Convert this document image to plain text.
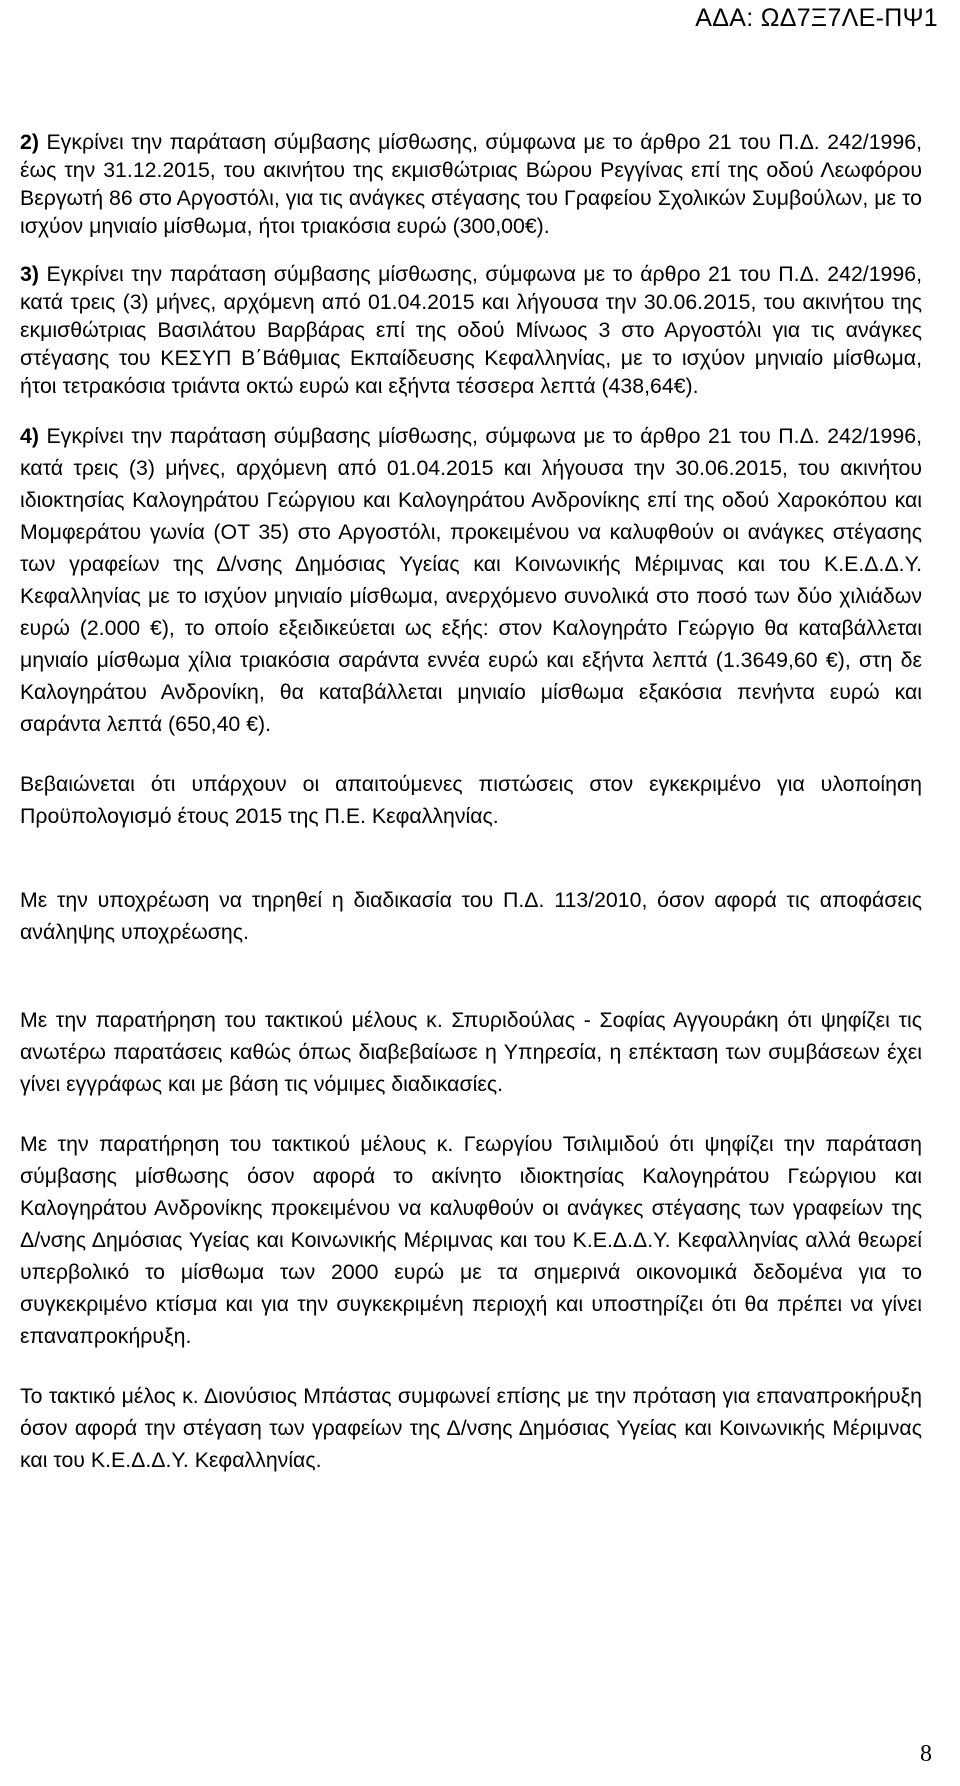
ΑΔΑ: ΩΔ7Ξ7ΛΕ-ΠΨ1

2) Εγκρίνει την παράταση σύμβασης μίσθωσης, σύμφωνα με το άρθρο 21 του Π.Δ. 242/1996, έως την 31.12.2015, του ακινήτου της εκμισθώτριας Βώρου Ρεγγίνας επί της οδού Λεωφόρου Βεργωτή 86 στο Αργοστόλι, για τις ανάγκες στέγασης του Γραφείου Σχολικών Συμβούλων, με το ισχύον μηνιαίο μίσθωμα, ήτοι τριακόσια ευρώ (300,00€).

3) Εγκρίνει την παράταση σύμβασης μίσθωσης, σύμφωνα με το άρθρο 21 του Π.Δ. 242/1996, κατά τρεις (3) μήνες, αρχόμενη από 01.04.2015 και λήγουσα την 30.06.2015, του ακινήτου της εκμισθώτριας Βασιλάτου Βαρβάρας επί της οδού Μίνωος 3 στο Αργοστόλι για τις ανάγκες στέγασης του ΚΕΣΥΠ Β΄Βάθμιας Εκπαίδευσης Κεφαλληνίας, με το ισχύον μηνιαίο μίσθωμα, ήτοι τετρακόσια τριάντα οκτώ ευρώ και εξήντα τέσσερα λεπτά (438,64€).

4) Εγκρίνει την παράταση σύμβασης μίσθωσης, σύμφωνα με το άρθρο 21 του Π.Δ. 242/1996, κατά τρεις (3) μήνες, αρχόμενη από 01.04.2015 και λήγουσα την 30.06.2015, του ακινήτου ιδιοκτησίας Καλογηράτου Γεώργιου και Καλογηράτου Ανδρονίκης επί της οδού Χαροκόπου και Μομφεράτου γωνία (ΟΤ 35) στο Αργοστόλι, προκειμένου να καλυφθούν οι ανάγκες στέγασης των γραφείων της Δ/νσης Δημόσιας Υγείας και Κοινωνικής Μέριμνας και του Κ.Ε.Δ.Δ.Υ. Κεφαλληνίας με το ισχύον μηνιαίο μίσθωμα, ανερχόμενο συνολικά στο ποσό των δύο χιλιάδων ευρώ (2.000 €), το οποίο εξειδικεύεται ως εξής: στον Καλογηράτο Γεώργιο θα καταβάλλεται μηνιαίο μίσθωμα χίλια τριακόσια σαράντα εννέα ευρώ και εξήντα λεπτά (1.3649,60 €), στη δε Καλογηράτου Ανδρονίκη, θα καταβάλλεται μηνιαίο μίσθωμα εξακόσια πενήντα ευρώ και σαράντα λεπτά (650,40 €).

Βεβαιώνεται ότι υπάρχουν οι απαιτούμενες πιστώσεις στον εγκεκριμένο για υλοποίηση Προϋπολογισμό έτους 2015 της Π.Ε. Κεφαλληνίας.

Με την υποχρέωση να τηρηθεί η διαδικασία του Π.Δ. 113/2010, όσον αφορά τις αποφάσεις ανάληψης υποχρέωσης.

Με την παρατήρηση του τακτικού μέλους κ. Σπυριδούλας - Σοφίας Αγγουράκη ότι ψηφίζει τις ανωτέρω παρατάσεις καθώς όπως διαβεβαίωσε η Υπηρεσία, η επέκταση των συμβάσεων έχει γίνει εγγράφως και με βάση τις νόμιμες διαδικασίες.

Με την παρατήρηση του τακτικού μέλους κ. Γεωργίου Τσιλιμιδού ότι ψηφίζει την παράταση σύμβασης μίσθωσης όσον αφορά το ακίνητο ιδιοκτησίας Καλογηράτου Γεώργιου και Καλογηράτου Ανδρονίκης προκειμένου να καλυφθούν οι ανάγκες στέγασης των γραφείων της Δ/νσης Δημόσιας Υγείας και Κοινωνικής Μέριμνας και του Κ.Ε.Δ.Δ.Υ. Κεφαλληνίας αλλά θεωρεί υπερβολικό το μίσθωμα των 2000 ευρώ με τα σημερινά οικονομικά δεδομένα για το συγκεκριμένο κτίσμα και για την συγκεκριμένη περιοχή και υποστηρίζει ότι θα πρέπει να γίνει επαναπροκήρυξη.

Το τακτικό μέλος κ. Διονύσιος Μπάστας συμφωνεί επίσης με την πρόταση για επαναπροκήρυξη όσον αφορά την στέγαση των γραφείων της Δ/νσης Δημόσιας Υγείας και Κοινωνικής Μέριμνας και του Κ.Ε.Δ.Δ.Υ. Κεφαλληνίας.

8
